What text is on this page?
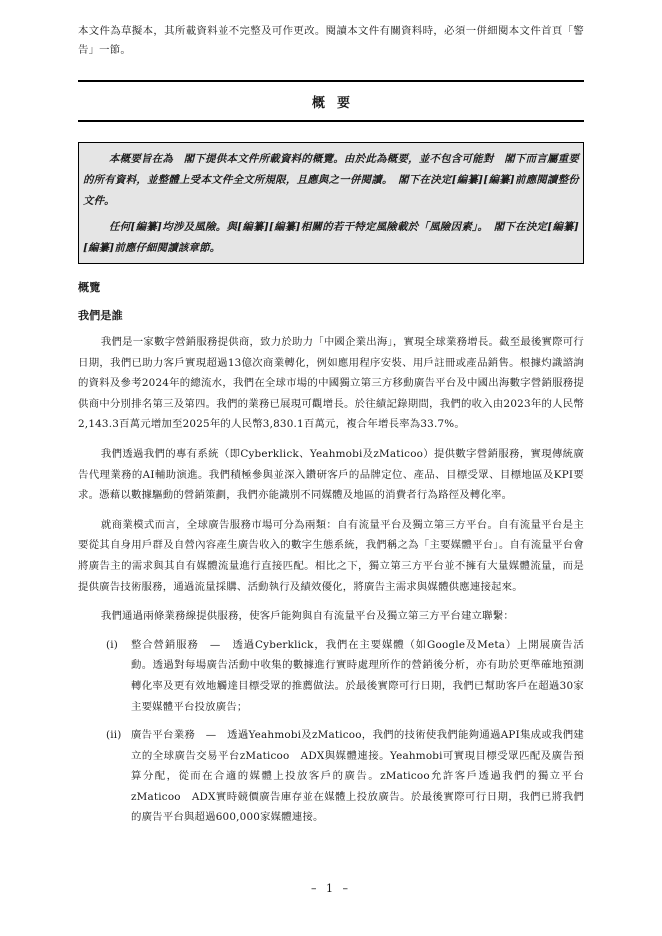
本文件為草擬本，其所載資料並不完整及可作更改。閱讀本文件有關資料時，必須一併細閱本文件首頁「警告」一節。
概要

本概要旨在為　閣下提供本文件所載資料的概覽。由於此為概要，並不包含可能對　閣下而言屬重要的所有資料，並整體上受本文件全文所規限，且應與之一併閱讀。　閣下在決定[編纂][編纂]前應閱讀整份文件。

任何[編纂]均涉及風險。與[編纂][編纂]相關的若干特定風險載於「風險因素」。　閣下在決定[編纂][編纂]前應仔細閱讀該章節。

概覽
我們是誰

我們是一家數字營銷服務提供商，致力於助力「中國企業出海」，實現全球業務增長。截至最後實際可行日期，我們已助力客戶實現超過13億次商業轉化，例如應用程序安裝、用戶註冊或產品銷售。根據灼識諮詢的資料及參考2024年的總流水，我們在全球市場的中國獨立第三方移動廣告平台及中國出海數字營銷服務提供商中分別排名第三及第四。我們的業務已展現可觀增長。於往績記錄期間，我們的收入由2023年的人民幣2,143.3百萬元增加至2025年的人民幣3,830.1百萬元，複合年增長率為33.7%。

我們透過我們的專有系統（即Cyberklick、Yeahmobi及zMaticoo）提供數字營銷服務，實現傳統廣告代理業務的AI輔助演進。我們積極參與並深入鑽研客戶的品牌定位、產品、目標受眾、目標地區及KPI要求。憑藉以數據驅動的營銷策劃，我們亦能識別不同媒體及地區的消費者行為路徑及轉化率。

就商業模式而言，全球廣告服務市場可分為兩類：自有流量平台及獨立第三方平台。自有流量平台是主要從其自身用戶群及自營內容產生廣告收入的數字生態系統，我們稱之為「主要媒體平台」。自有流量平台會將廣告主的需求與其自有媒體流量進行直接匹配。相比之下，獨立第三方平台並不擁有大量媒體流量，而是提供廣告技術服務，通過流量採購、活動執行及績效優化，將廣告主需求與媒體供應連接起來。

我們通過兩條業務線提供服務，使客戶能夠與自有流量平台及獨立第三方平台建立聯繫：

(i) 整合營銷服務　—　透過Cyberklick，我們在主要媒體（如Google及Meta）上開展廣告活動。透過對每場廣告活動中收集的數據進行實時處理所作的營銷後分析，亦有助於更準確地預測轉化率及更有效地觸達目標受眾的推薦做法。於最後實際可行日期，我們已幫助客戶在超過30家主要媒體平台投放廣告；
(ii) 廣告平台業務　—　透過Yeahmobi及zMaticoo，我們的技術使我們能夠通過API集成或我們建立的全球廣告交易平台zMaticoo　ADX與媒體連接。Yeahmobi可實現目標受眾匹配及廣告預算分配，從而在合適的媒體上投放客戶的廣告。zMaticoo允許客戶透過我們的獨立平台zMaticoo　ADX實時競價廣告庫存並在媒體上投放廣告。於最後實際可行日期，我們已將我們的廣告平台與超過600,000家媒體連接。
– 1 –
